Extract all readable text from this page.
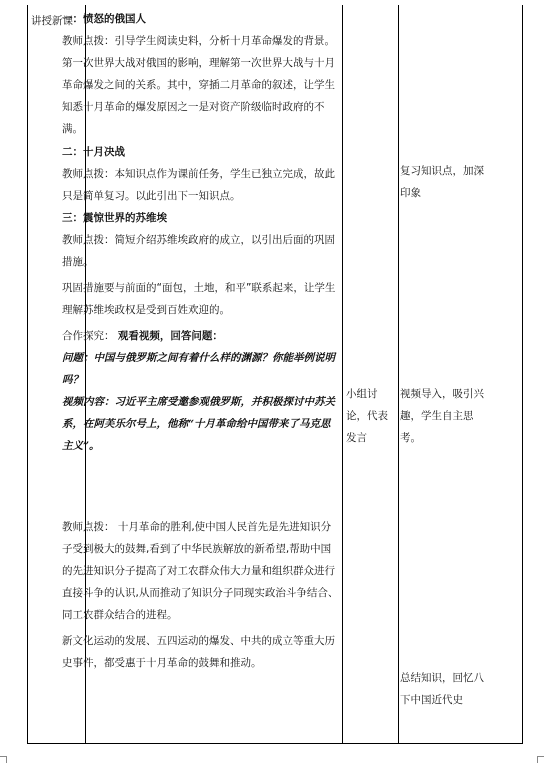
讲授新课

一：愤怒的俄国人

教师点拨：引导学生阅读史料，分析十月革命爆发的背景。第一次世界大战对俄国的影响，理解第一次世界大战与十月革命爆发之间的关系。其中，穿插二月革命的叙述，让学生知悉十月革命的爆发原因之一是对资产阶级临时政府的不满。

二：十月决战

教师点拨：本知识点作为课前任务，学生已独立完成，故此只是简单复习。以此引出下一知识点。

三：震惊世界的苏维埃

教师点拨：简短介绍苏维埃政府的成立，以引出后面的巩固措施。

巩固措施要与前面的“面包，土地，和平”联系起来，让学生理解苏维埃政权是受到百姓欢迎的。

合作探究： 观看视频，回答问题：

问题：中国与俄罗斯之间有着什么样的渊源？你能举例说明吗？

视频内容：习近平主席受邀参观俄罗斯，并积极探讨中苏关系，在阿芙乐尔号上，他称“十月革命给中国带来了马克思主义”。

教师点拨： 十月革命的胜利,使中国人民首先是先进知识分子受到极大的鼓舞,看到了中华民族解放的新希望,帮助中国的先进知识分子提高了对工农群众伟大力量和组织群众进行直接斗争的认识,从而推动了知识分子同现实政治斗争结合、同工农群众结合的进程。

新文化运动的发展、五四运动的爆发、中共的成立等重大历史事件，都受惠于十月革命的鼓舞和推动。

复习知识点，加深印象
小组讨论，代表发言
视频导入，吸引兴趣，学生自主思考。
总结知识，回忆八下中国近代史
